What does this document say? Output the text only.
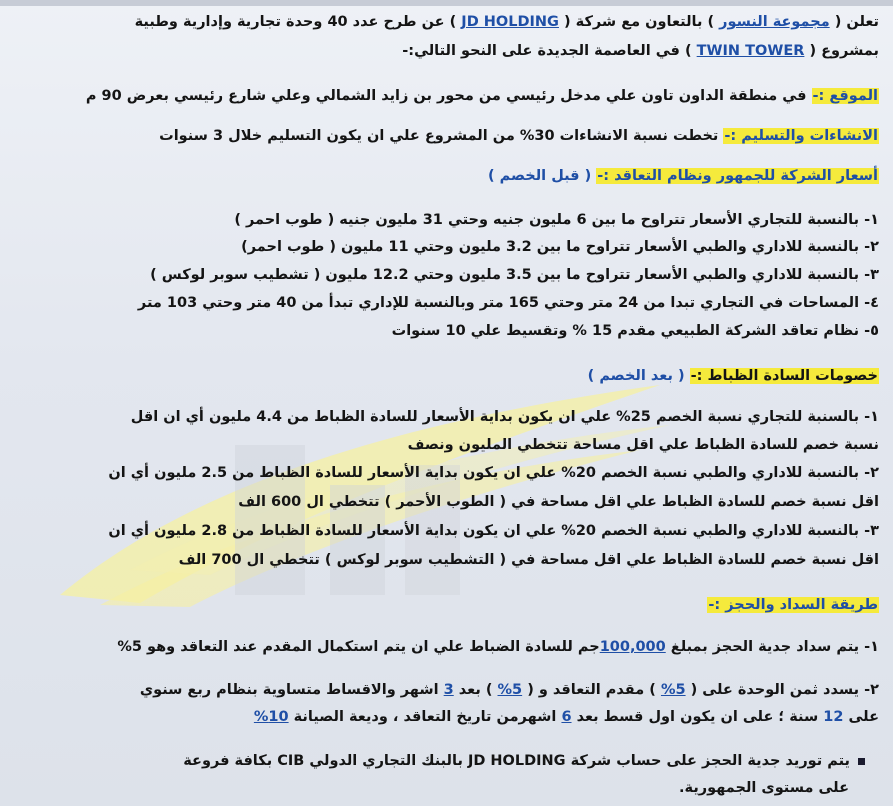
تعلن ( مجموعة النسور ) بالتعاون مع شركة ( JD HOLDING ) عن طرح عدد 40 وحدة تجارية وإدارية وطبية
بمشروع ( TWIN TOWER ) في العاصمة الجديدة على النحو التالي:-
الموقع :- في منطقة الداون تاون علي مدخل رئيسي من محور بن زايد الشمالي وعلي شارع رئيسي بعرض 90 م
الانشاءات والتسليم :- تخطت نسبة الانشاءات 30% من المشروع علي ان يكون التسليم خلال 3 سنوات
أسعار الشركة للجمهور ونظام التعاقد :- ( قبل الخصم )
١- بالنسبة للتجاري الأسعار تتراوح ما بين 6 مليون جنيه وحتي 31 مليون جنيه ( طوب احمر )
٢- بالنسبة للاداري والطبي الأسعار تتراوح ما بين 3.2 مليون وحتي 11 مليون ( طوب احمر)
٣- بالنسبة للاداري والطبي الأسعار تتراوح ما بين 3.5 مليون وحتي 12.2 مليون ( تشطيب سوبر لوكس )
٤- المساحات في التجاري تبدا من 24 متر وحتي 165 متر وبالنسبة للإداري تبدأ من 40 متر وحتي 103 متر
٥- نظام تعاقد الشركة الطبيعي مقدم 15 % وتقسيط علي 10 سنوات
خصومات السادة الظباط :- ( بعد الخصم )
١- بالسنبة للتجاري نسبة الخصم 25% علي ان يكون بداية الأسعار للسادة الظباط من 4.4 مليون أي ان اقل
نسبة خصم للسادة الظباط علي اقل مساحة تتخطي المليون ونصف
٢- بالنسبة للاداري والطبي نسبة الخصم 20% علي ان يكون بداية الأسعار للسادة الظباط من 2.5 مليون أي ان
اقل نسبة خصم للسادة الظباط علي اقل مساحة في ( الطوب الأحمر ) تتخطي ال 600 الف
٣- بالنسبة للاداري والطبي نسبة الخصم 20% علي ان يكون بداية الأسعار للسادة الظباط من 2.8 مليون أي ان
اقل نسبة خصم للسادة الظباط علي اقل مساحة في ( التشطيب سوبر لوكس ) تتخطي ال 700 الف
طريقة السداد والحجز :-
١- يتم سداد جدية الحجز بمبلغ 100,000جم للسادة الضباط علي ان يتم استكمال المقدم عند التعاقد وهو 5%
٢- يسدد ثمن الوحدة على ( 5% ) مقدم التعاقد و ( 5% ) بعد 3 اشهر والاقساط متساوية بنظام ربع سنوي
على 12 سنة ؛ على ان يكون اول قسط بعد 6 اشهرمن تاريخ التعاقد ، وديعة الصيانة 10%
يتم توريد جدية الحجز على حساب شركة JD HOLDING بالبنك التجاري الدولي CIB بكافة فروعة
على مستوى الجمهورية.
